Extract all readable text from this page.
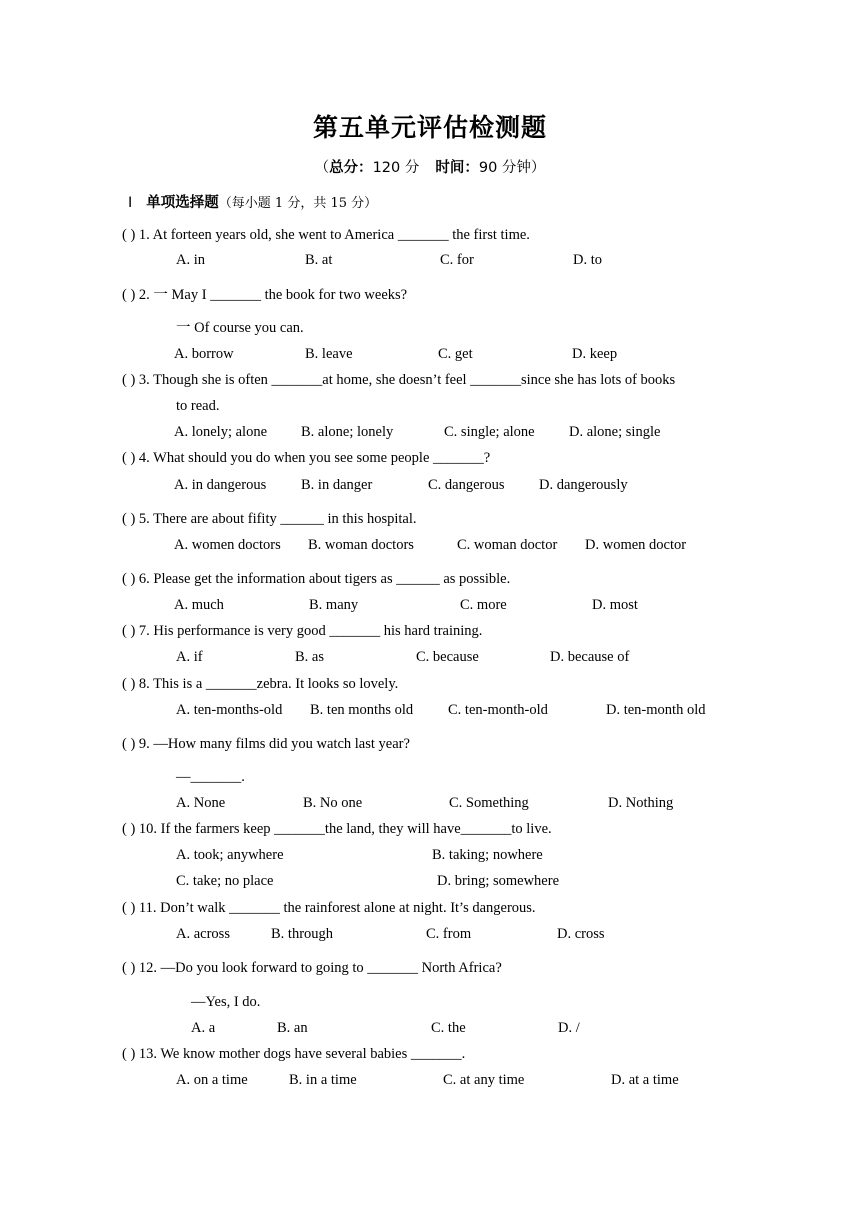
第五单元评估检测题
（总分：120 分 时间：90 分钟）
Ⅰ 单项选择题（每小题 1 分，共 15 分）
( ) 1. At forteen years old, she went to America _______ the first time.
A. in	B. at	C. for	D. to
( ) 2. 一 May I _______ the book for two weeks?
一 Of course you can.
A. borrow	B. leave	C. get	D. keep
( ) 3. Though she is often _______at home, she doesn’t feel _______since she has lots of books
to read.
A. lonely; alone B. alone; lonely	C. single; alone D. alone; single
( ) 4. What should you do when you see some people _______?
A. in dangerous B. in danger	C. dangerous D. dangerously
( ) 5. There are about fifity ______ in this hospital.
A. women doctors B. woman doctors	C. woman doctor D. women doctor
( ) 6. Please get the information about tigers as ______ as possible.
A. much	B. many	C. more	D. most
( ) 7. His performance is very good _______ his hard training.
A. if	B. as	C. because	D. because of
( ) 8. This is a _______zebra. It looks so lovely.
A. ten-months-old B. ten months old C. ten-month-old	D. ten-month old
( ) 9. —How many films did you watch last year?
—_______.
A. None	B. No one	C. Something	D. Nothing
( ) 10. If the farmers keep _______the land, they will have_______to live.
A. took; anywhere	B. taking; nowhere
C. take; no place	D. bring; somewhere
( ) 11. Don’t walk _______ the rainforest alone at night. It’s dangerous.
A. across	B. through	C. from	D. cross
( ) 12. —Do you look forward to going to _______ North Africa?
—Yes, I do.
A. a	B. an	C. the	D. /
( ) 13. We know mother dogs have several babies _______.
A. on a time	B. in a time	C. at any time	D. at a time
